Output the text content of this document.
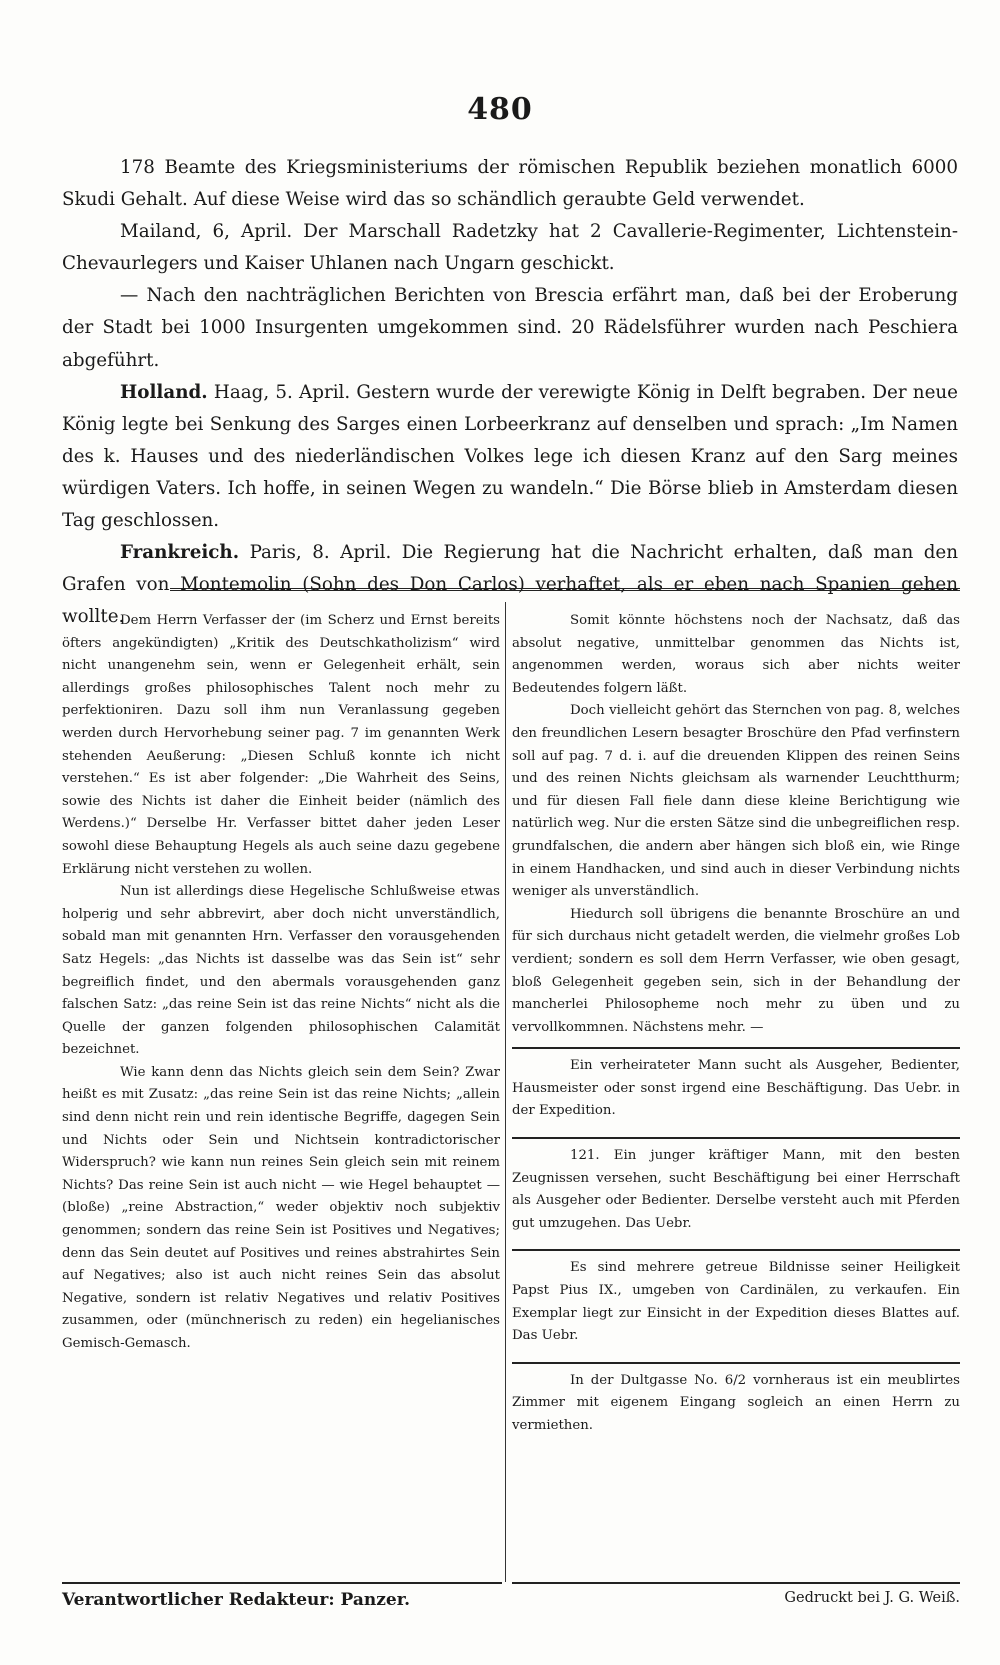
480

178 Beamte des Kriegsministeriums der römischen Republik beziehen monatlich 6000 Skudi Gehalt. Auf diese Weise wird das so schändlich geraubte Geld verwendet.

Mailand, 6, April. Der Marschall Radetzky hat 2 Cavallerie-Regimenter, Lichtenstein-Chevaurlegers und Kaiser Uhlanen nach Ungarn geschickt.

— Nach den nachträglichen Berichten von Brescia erfährt man, daß bei der Eroberung der Stadt bei 1000 Insurgenten umgekommen sind. 20 Rädelsführer wurden nach Peschiera abgeführt.

Holland. Haag, 5. April. Gestern wurde der verewigte König in Delft begraben. Der neue König legte bei Senkung des Sarges einen Lorbeerkranz auf denselben und sprach: „Im Namen des k. Hauses und des niederländischen Volkes lege ich diesen Kranz auf den Sarg meines würdigen Vaters. Ich hoffe, in seinen Wegen zu wandeln.“ Die Börse blieb in Amsterdam diesen Tag geschlossen.

Frankreich. Paris, 8. April. Die Regierung hat die Nachricht erhalten, daß man den Grafen von Montemolin (Sohn des Don Carlos) verhaftet, als er eben nach Spanien gehen wollte.

Dem Herrn Verfasser der (im Scherz und Ernst bereits öfters angekündigten) „Kritik des Deutschkatholizism“ wird nicht unangenehm sein, wenn er Gelegenheit erhält, sein allerdings großes philosophisches Talent noch mehr zu perfektioniren. Dazu soll ihm nun Veranlassung gegeben werden durch Hervorhebung seiner pag. 7 im genannten Werk stehenden Aeußerung: „Diesen Schluß konnte ich nicht verstehen.“ Es ist aber folgender: „Die Wahrheit des Seins, sowie des Nichts ist daher die Einheit beider (nämlich des Werdens.)“ Derselbe Hr. Verfasser bittet daher jeden Leser sowohl diese Behauptung Hegels als auch seine dazu gegebene Erklärung nicht verstehen zu wollen.

Nun ist allerdings diese Hegelische Schlußweise etwas holperig und sehr abbrevirt, aber doch nicht unverständlich, sobald man mit genannten Hrn. Verfasser den vorausgehenden Satz Hegels: „das Nichts ist dasselbe was das Sein ist“ sehr begreiflich findet, und den abermals vorausgehenden ganz falschen Satz: „das reine Sein ist das reine Nichts“ nicht als die Quelle der ganzen folgenden philosophischen Calamität bezeichnet.

Wie kann denn das Nichts gleich sein dem Sein? Zwar heißt es mit Zusatz: „das reine Sein ist das reine Nichts; „allein sind denn nicht rein und rein identische Begriffe, dagegen Sein und Nichts oder Sein und Nichtsein kontradictorischer Widerspruch? wie kann nun reines Sein gleich sein mit reinem Nichts? Das reine Sein ist auch nicht — wie Hegel behauptet — (bloße) „reine Abstraction,“ weder objektiv noch subjektiv genommen; sondern das reine Sein ist Positives und Negatives; denn das Sein deutet auf Positives und reines abstrahirtes Sein auf Negatives; also ist auch nicht reines Sein das absolut Negative, sondern ist relativ Negatives und relativ Positives zusammen, oder (münchnerisch zu reden) ein hegelianisches Gemisch-Gemasch.

Somit könnte höchstens noch der Nachsatz, daß das absolut negative, unmittelbar genommen das Nichts ist, angenommen werden, woraus sich aber nichts weiter Bedeutendes folgern läßt.

Doch vielleicht gehört das Sternchen von pag. 8, welches den freundlichen Lesern besagter Broschüre den Pfad verfinstern soll auf pag. 7 d. i. auf die dreuenden Klippen des reinen Seins und des reinen Nichts gleichsam als warnender Leuchtthurm; und für diesen Fall fiele dann diese kleine Berichtigung wie natürlich weg. Nur die ersten Sätze sind die unbegreiflichen resp. grundfalschen, die andern aber hängen sich bloß ein, wie Ringe in einem Handhacken, und sind auch in dieser Verbindung nichts weniger als unverständlich.

Hiedurch soll übrigens die benannte Broschüre an und für sich durchaus nicht getadelt werden, die vielmehr großes Lob verdient; sondern es soll dem Herrn Verfasser, wie oben gesagt, bloß Gelegenheit gegeben sein, sich in der Behandlung der mancherlei Philosopheme noch mehr zu üben und zu vervollkommnen. Nächstens mehr. —

Ein verheirateter Mann sucht als Ausgeher, Bedienter, Hausmeister oder sonst irgend eine Beschäftigung. Das Uebr. in der Expedition.

121. Ein junger kräftiger Mann, mit den besten Zeugnissen versehen, sucht Beschäftigung bei einer Herrschaft als Ausgeher oder Bedienter. Derselbe versteht auch mit Pferden gut umzugehen. Das Uebr.

Es sind mehrere getreue Bildnisse seiner Heiligkeit Papst Pius IX., umgeben von Cardinälen, zu verkaufen. Ein Exemplar liegt zur Einsicht in der Expedition dieses Blattes auf. Das Uebr.

In der Dultgasse No. 6/2 vornheraus ist ein meublirtes Zimmer mit eigenem Eingang sogleich an einen Herrn zu vermiethen.

Verantwortlicher Redakteur: Panzer.	Gedruckt bei J. G. Weiß.
